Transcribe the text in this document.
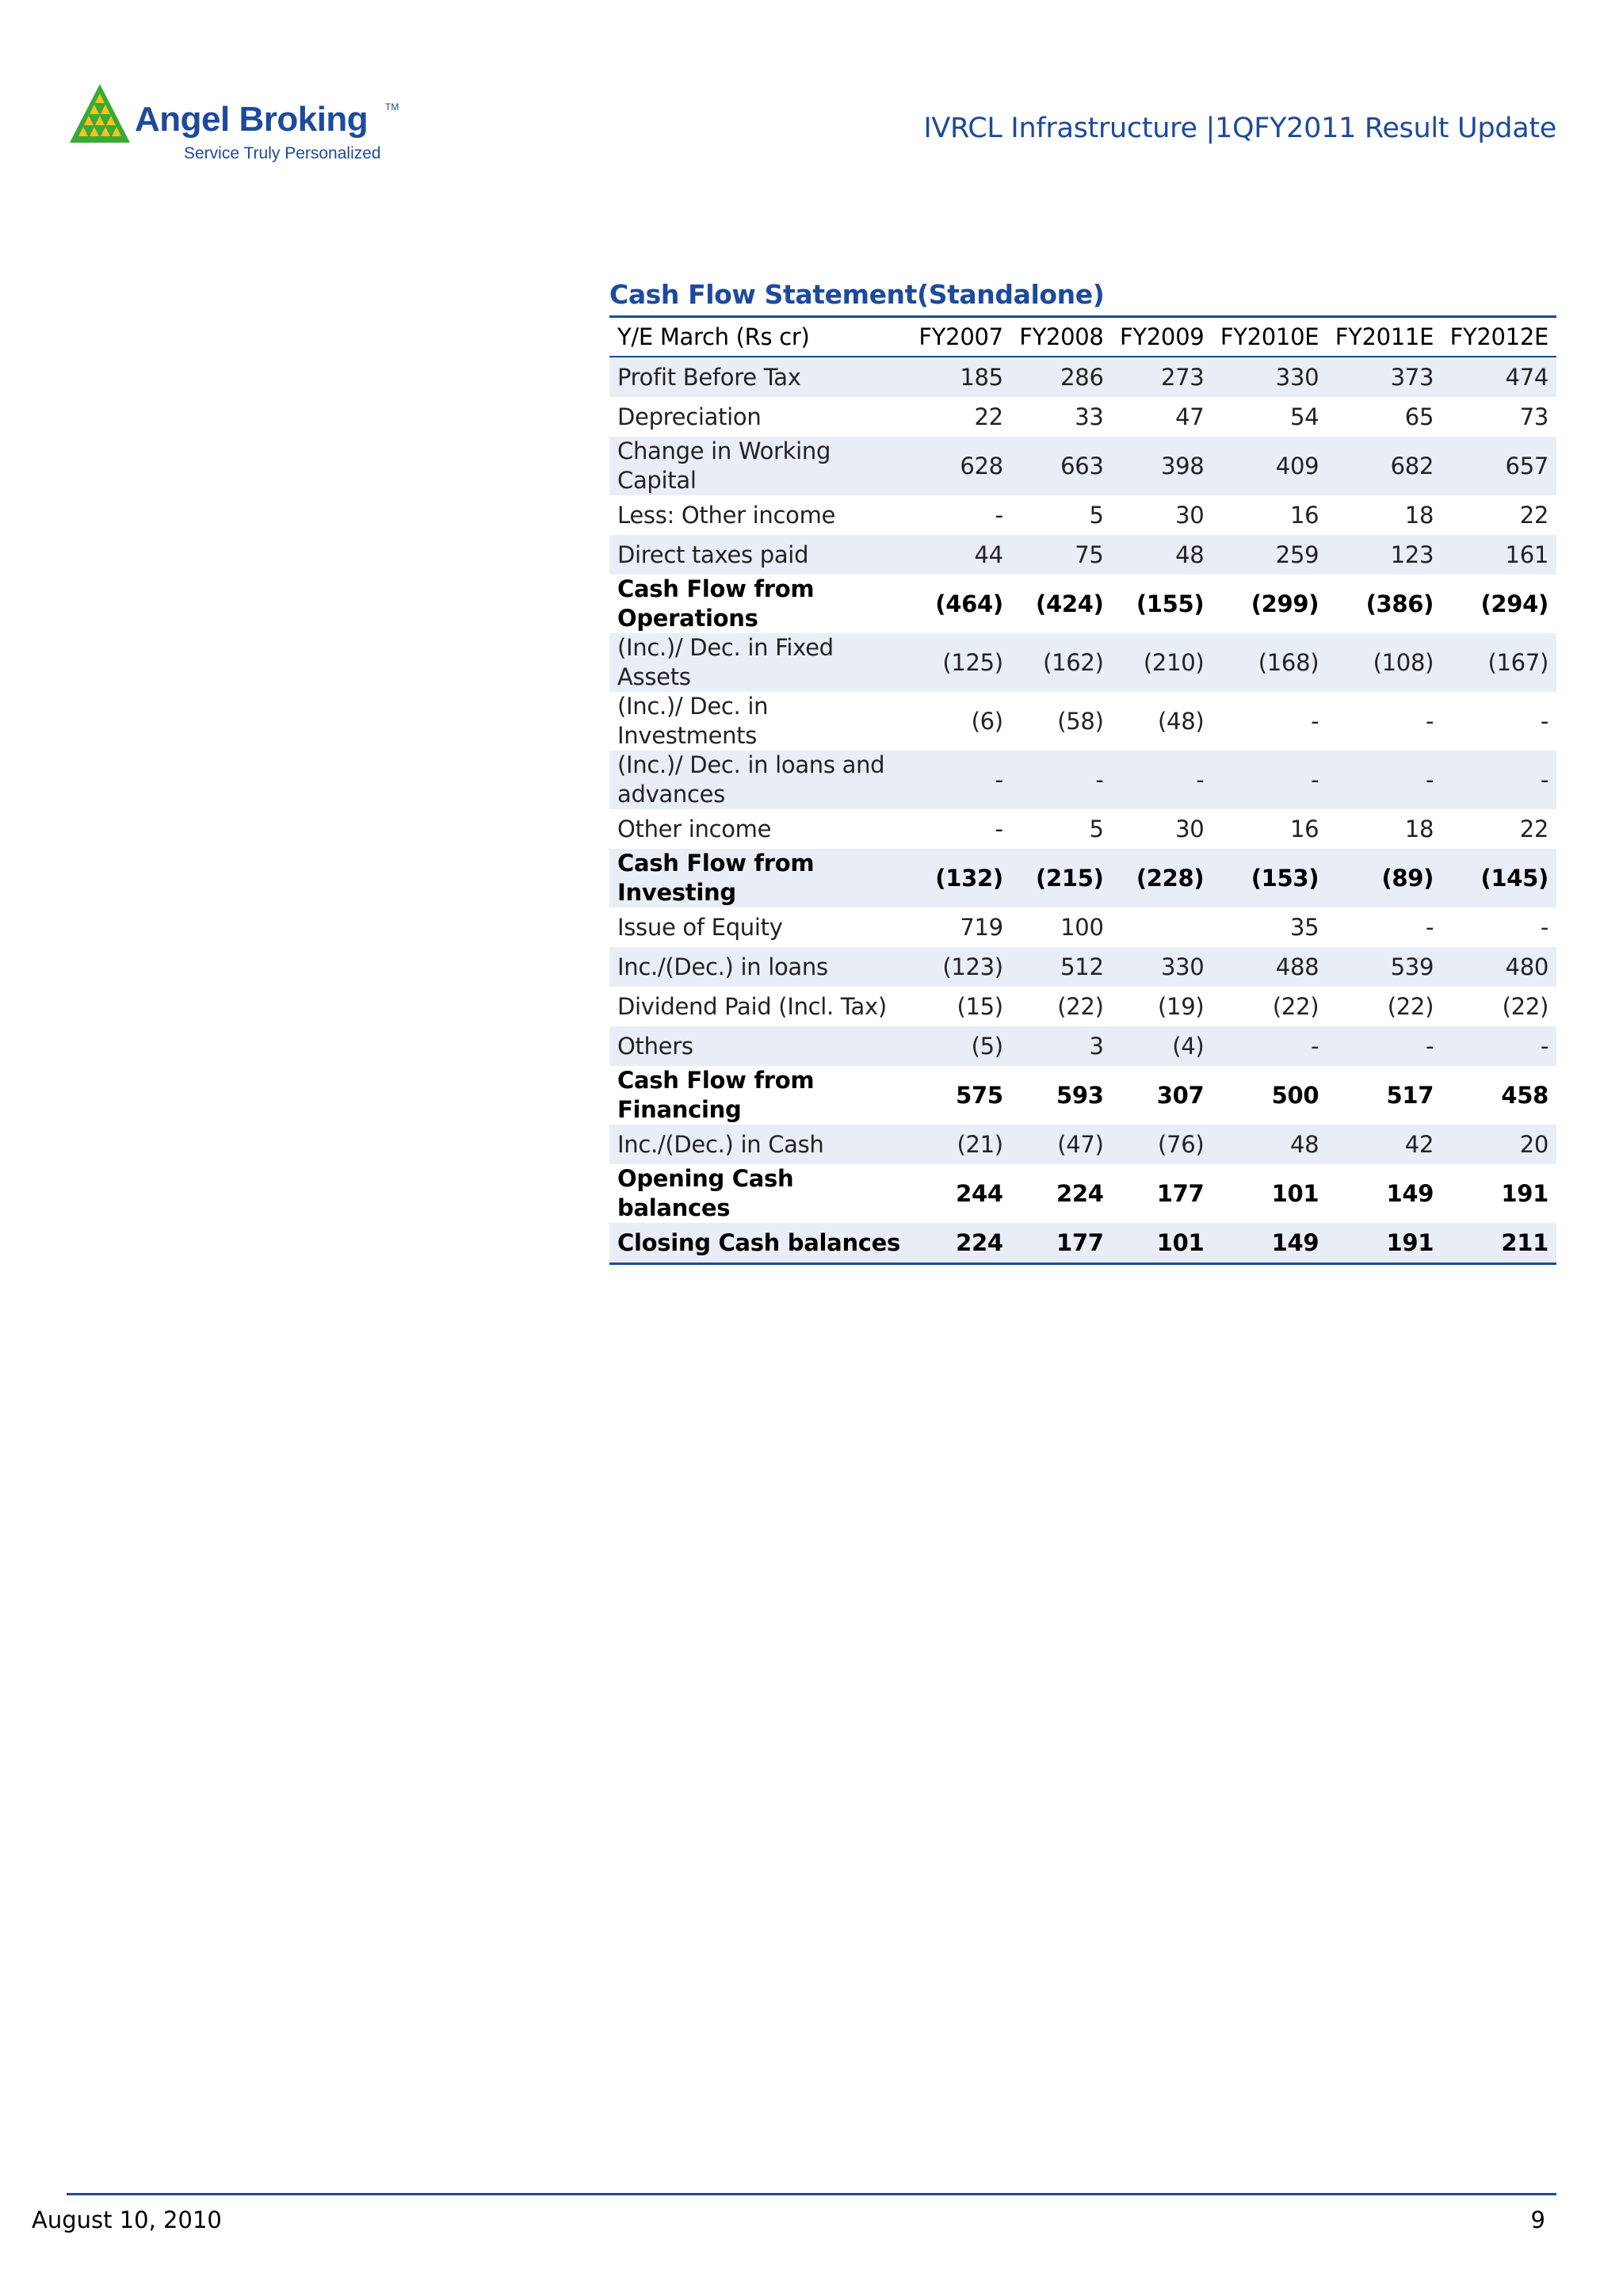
Angel Broking TM
Service Truly Personalized
IVRCL Infrastructure |1QFY2011 Result Update
Cash Flow Statement(Standalone)
Y/E March (Rs cr)	FY2007	FY2008	FY2009	FY2010E	FY2011E	FY2012E
Profit Before Tax	185	286	273	330	373	474
Depreciation	22	33	47	54	65	73
Change in Working Capital	628	663	398	409	682	657
Less: Other income	-	5	30	16	18	22
Direct taxes paid	44	75	48	259	123	161
Cash Flow from Operations	(464)	(424)	(155)	(299)	(386)	(294)
(Inc.)/ Dec. in Fixed Assets	(125)	(162)	(210)	(168)	(108)	(167)
(Inc.)/ Dec. in Investments	(6)	(58)	(48)	-	-	-
(Inc.)/ Dec. in loans and advances	-	-	-	-	-	-
Other income	-	5	30	16	18	22
Cash Flow from Investing	(132)	(215)	(228)	(153)	(89)	(145)
Issue of Equity	719	100		35	-	-
Inc./(Dec.) in loans	(123)	512	330	488	539	480
Dividend Paid (Incl. Tax)	(15)	(22)	(19)	(22)	(22)	(22)
Others	(5)	3	(4)	-	-	-
Cash Flow from Financing	575	593	307	500	517	458
Inc./(Dec.) in Cash	(21)	(47)	(76)	48	42	20
Opening Cash balances	244	224	177	101	149	191
Closing Cash balances	224	177	101	149	191	211
August 10, 2010	9
